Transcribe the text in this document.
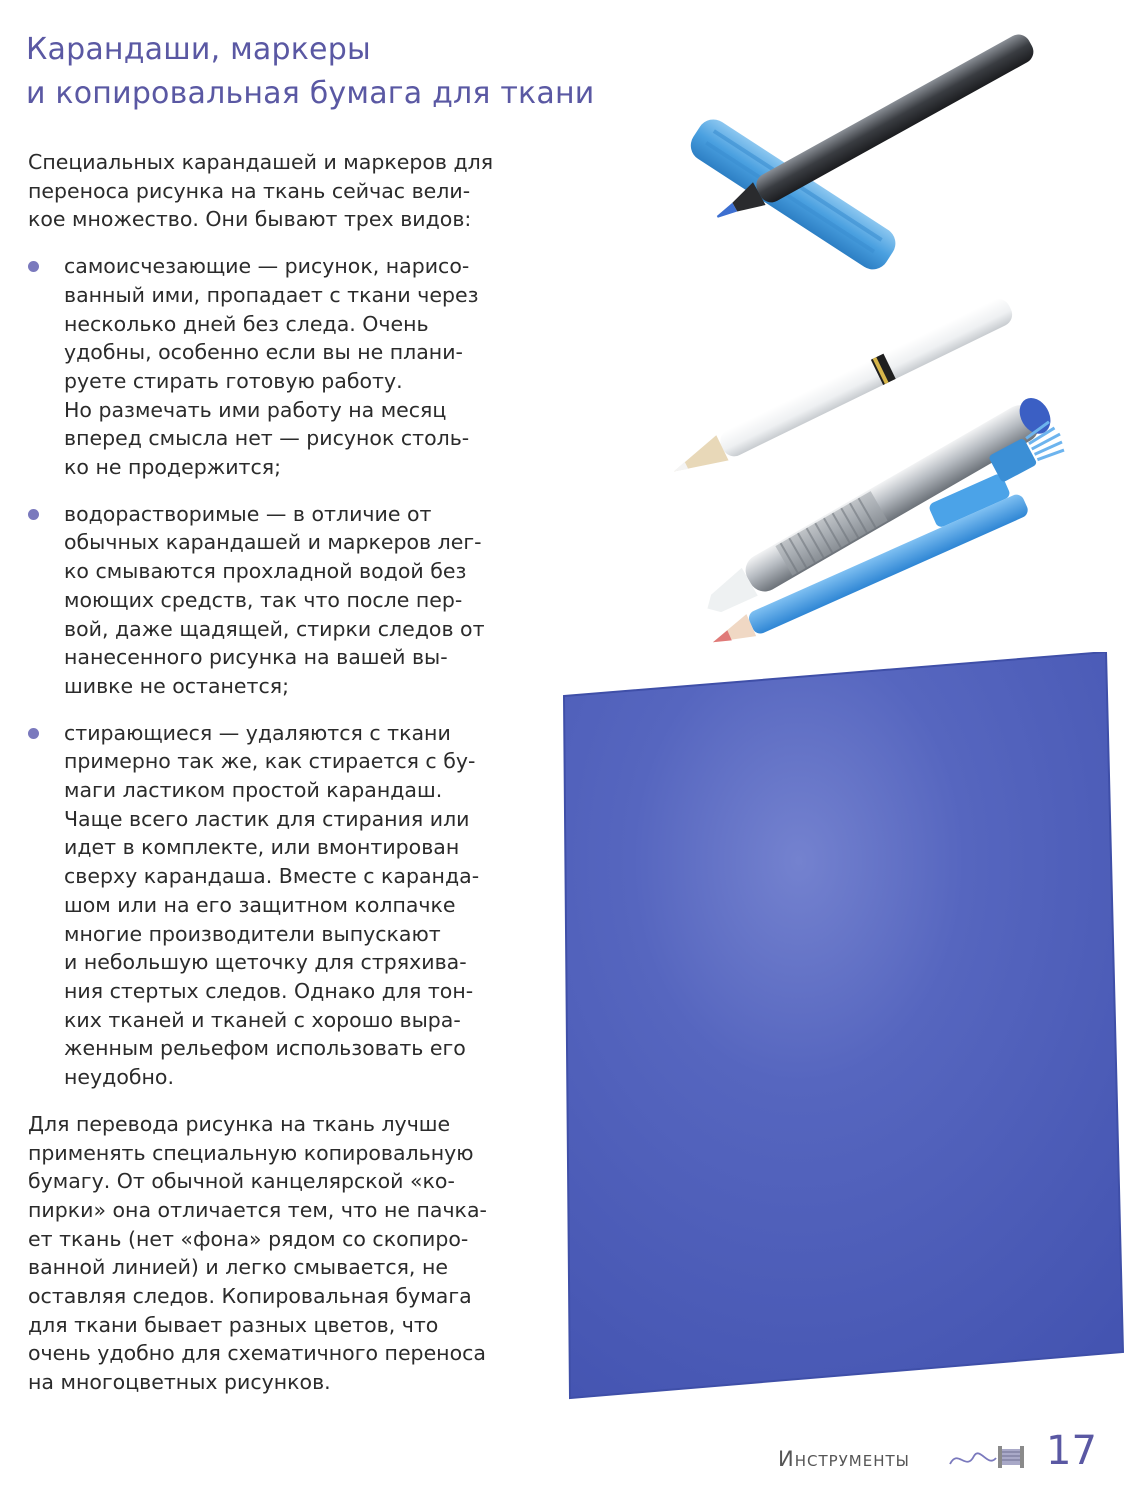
Карандаши, маркеры
и копировальная бумага для ткани

Специальных карандашей и маркеров для
переноса рисунка на ткань сейчас вели-
кое множество. Они бывают трех видов:

самоисчезающие — рисунок, нарисо-
ванный ими, пропадает с ткани через
несколько дней без следа. Очень
удобны, особенно если вы не плани-
руете стирать готовую работу.
Но размечать ими работу на месяц
вперед смысла нет — рисунок столь-
ко не продержится;
водорастворимые — в отличие от
обычных карандашей и маркеров лег-
ко смываются прохладной водой без
моющих средств, так что после пер-
вой, даже щадящей, стирки следов от
нанесенного рисунка на вашей вы-
шивке не останется;
стирающиеся — удаляются с ткани
примерно так же, как стирается с бу-
маги ластиком простой карандаш.
Чаще всего ластик для стирания или
идет в комплекте, или вмонтирован
сверху карандаша. Вместе с каранда-
шом или на его защитном колпачке
многие производители выпускают
и небольшую щеточку для стряхива-
ния стертых следов. Однако для тон-
ких тканей и тканей с хорошо выра-
женным рельефом использовать его
неудобно.

Для перевода рисунка на ткань лучше
применять специальную копировальную
бумагу. От обычной канцелярской «ко-
пирки» она отличается тем, что не пачка-
ет ткань (нет «фона» рядом со скопиро-
ванной линией) и легко смывается, не
оставляя следов. Копировальная бумага
для ткани бывает разных цветов, что
очень удобно для схематичного переноса
на многоцветных рисунков.

Инструменты	17
